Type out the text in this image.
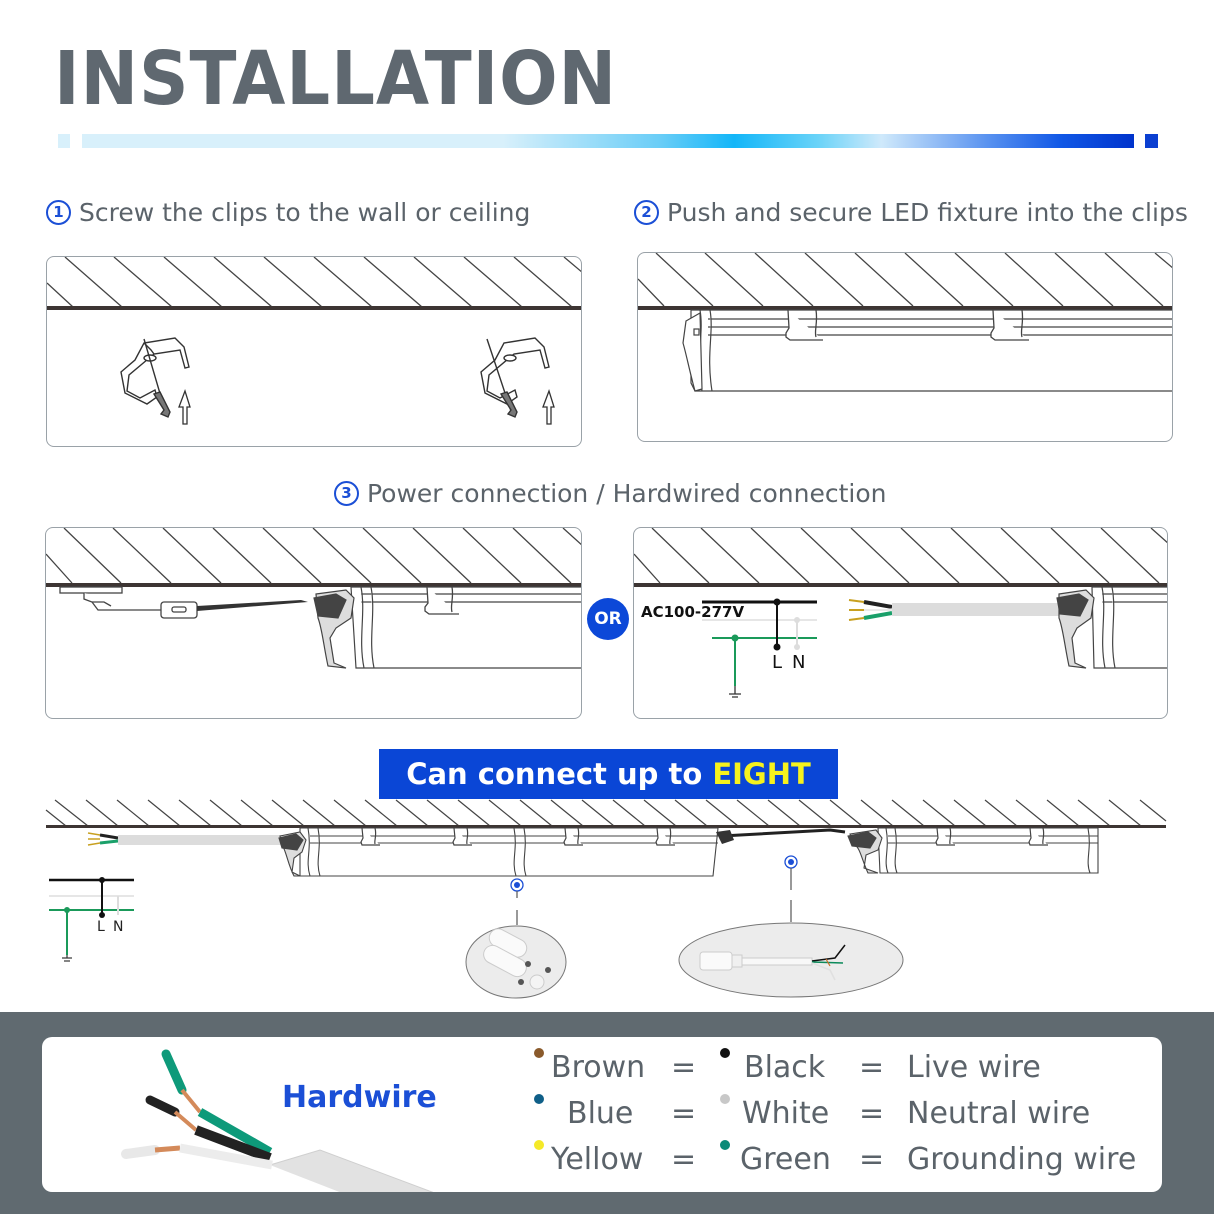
INSTALLATION
1 Screw the clips to the wall or ceiling	2 Push and secure LED fixture into the clips
3 Power connection / Hardwired connection
OR	AC100-277V
L N
Can connect up to EIGHT
L N
Hardwire
Brown = Black = Live wire
Blue = White = Neutral wire
Yellow = Green = Grounding wire
